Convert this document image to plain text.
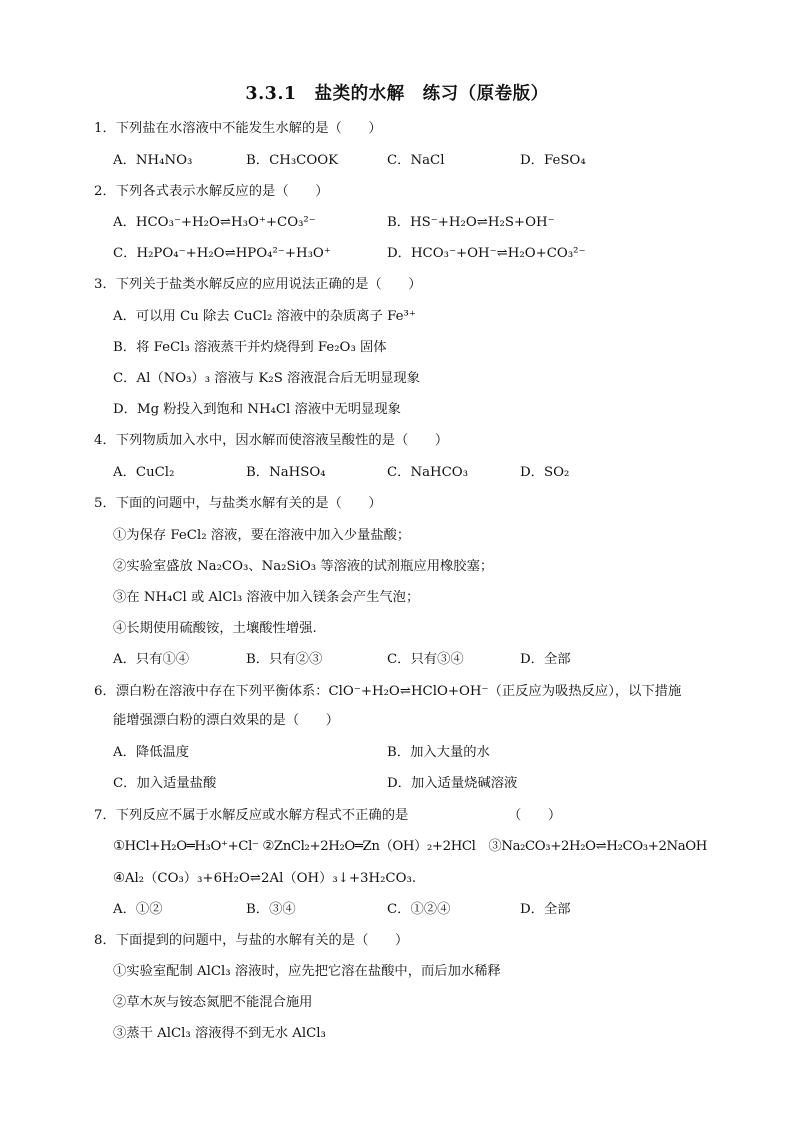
3.3.1　盐类的水解　练习（原卷版）
1．下列盐在水溶液中不能发生水解的是（　　）
A．NH₄NO₃	B．CH₃COOK	C．NaCl	D．FeSO₄
2．下列各式表示水解反应的是（　　）
A．HCO₃⁻+H₂O⇌H₃O⁺+CO₃²⁻	B．HS⁻+H₂O⇌H₂S+OH⁻
C．H₂PO₄⁻+H₂O⇌HPO₄²⁻+H₃O⁺	D．HCO₃⁻+OH⁻⇌H₂O+CO₃²⁻
3．下列关于盐类水解反应的应用说法正确的是（　　）
A．可以用 Cu 除去 CuCl₂ 溶液中的杂质离子 Fe³⁺
B．将 FeCl₃ 溶液蒸干并灼烧得到 Fe₂O₃ 固体
C．Al（NO₃）₃ 溶液与 K₂S 溶液混合后无明显现象
D．Mg 粉投入到饱和 NH₄Cl 溶液中无明显现象
4．下列物质加入水中，因水解而使溶液呈酸性的是（　　）
A．CuCl₂	B．NaHSO₄	C．NaHCO₃	D．SO₂
5．下面的问题中，与盐类水解有关的是（　　）
①为保存 FeCl₂ 溶液，要在溶液中加入少量盐酸；
②实验室盛放 Na₂CO₃、Na₂SiO₃ 等溶液的试剂瓶应用橡胶塞；
③在 NH₄Cl 或 AlCl₃ 溶液中加入镁条会产生气泡；
④长期使用硫酸铵，土壤酸性增强.
A．只有①④	B．只有②③	C．只有③④	D．全部
6．漂白粉在溶液中存在下列平衡体系：ClO⁻+H₂O⇌HClO+OH⁻（正反应为吸热反应），以下措施
能增强漂白粉的漂白效果的是（　　）
A．降低温度	B．加入大量的水
C．加入适量盐酸	D．加入适量烧碱溶液
7．下列反应不属于水解反应或水解方程式不正确的是　　　　　　　　（　　）
①HCl+H₂O═H₃O⁺+Cl⁻ ②ZnCl₂+2H₂O═Zn（OH）₂+2HCl　③Na₂CO₃+2H₂O⇌H₂CO₃+2NaOH
④Al₂（CO₃）₃+6H₂O⇌2Al（OH）₃↓+3H₂CO₃.
A．①②	B．③④	C．①②④	D．全部
8．下面提到的问题中，与盐的水解有关的是（　　）
①实验室配制 AlCl₃ 溶液时，应先把它溶在盐酸中，而后加水稀释
②草木灰与铵态氮肥不能混合施用
③蒸干 AlCl₃ 溶液得不到无水 AlCl₃
